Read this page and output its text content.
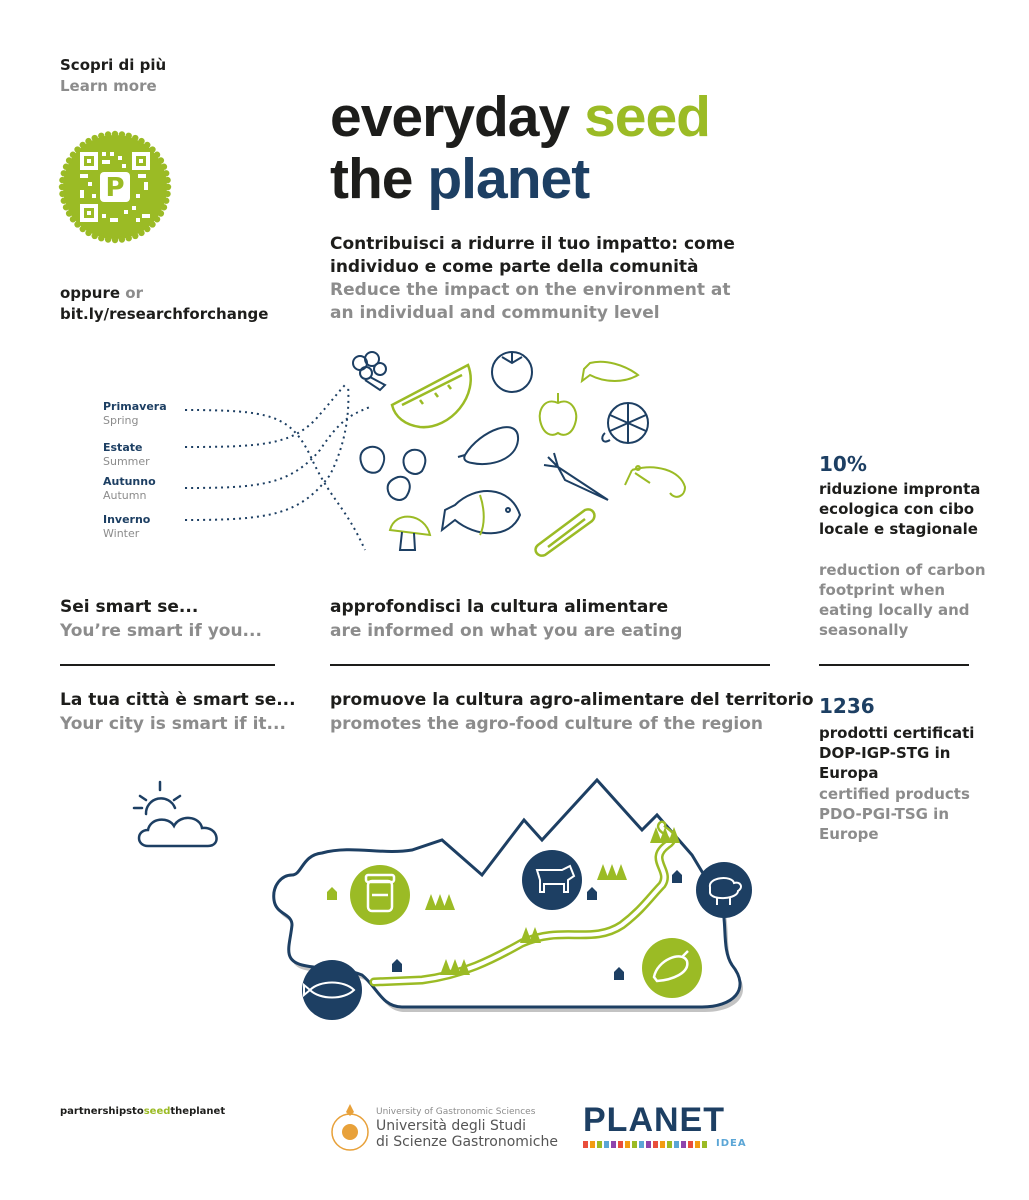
Scopri di più
Learn more
P
oppure or
bit.ly/researchforchange
everyday seed
the planet
Contribuisci a ridurre il tuo impatto: come individuo e come parte della comunità
Reduce the impact on the environment at an individual and community level
Primavera
Spring
Estate
Summer
Autunno
Autumn
Inverno
Winter
10%
riduzione impronta ecologica con cibo locale e stagionale
reduction of carbon footprint when eating locally and seasonally
1236
prodotti certificati DOP-IGP-STG in Europa
certified products PDO-PGI-TSG in Europe
Sei smart se...
You’re smart if you...
approfondisci la cultura alimentare
are informed on what you are eating
La tua città è smart se...
Your city is smart if it...
promuove la cultura agro-alimentare del territorio
promotes the agro-food culture of the region
partnershipstoseedtheplanet	University of Gastronomic Sciences
Università degli Studi
di Scienze Gastronomiche
PLANET
IDEA
